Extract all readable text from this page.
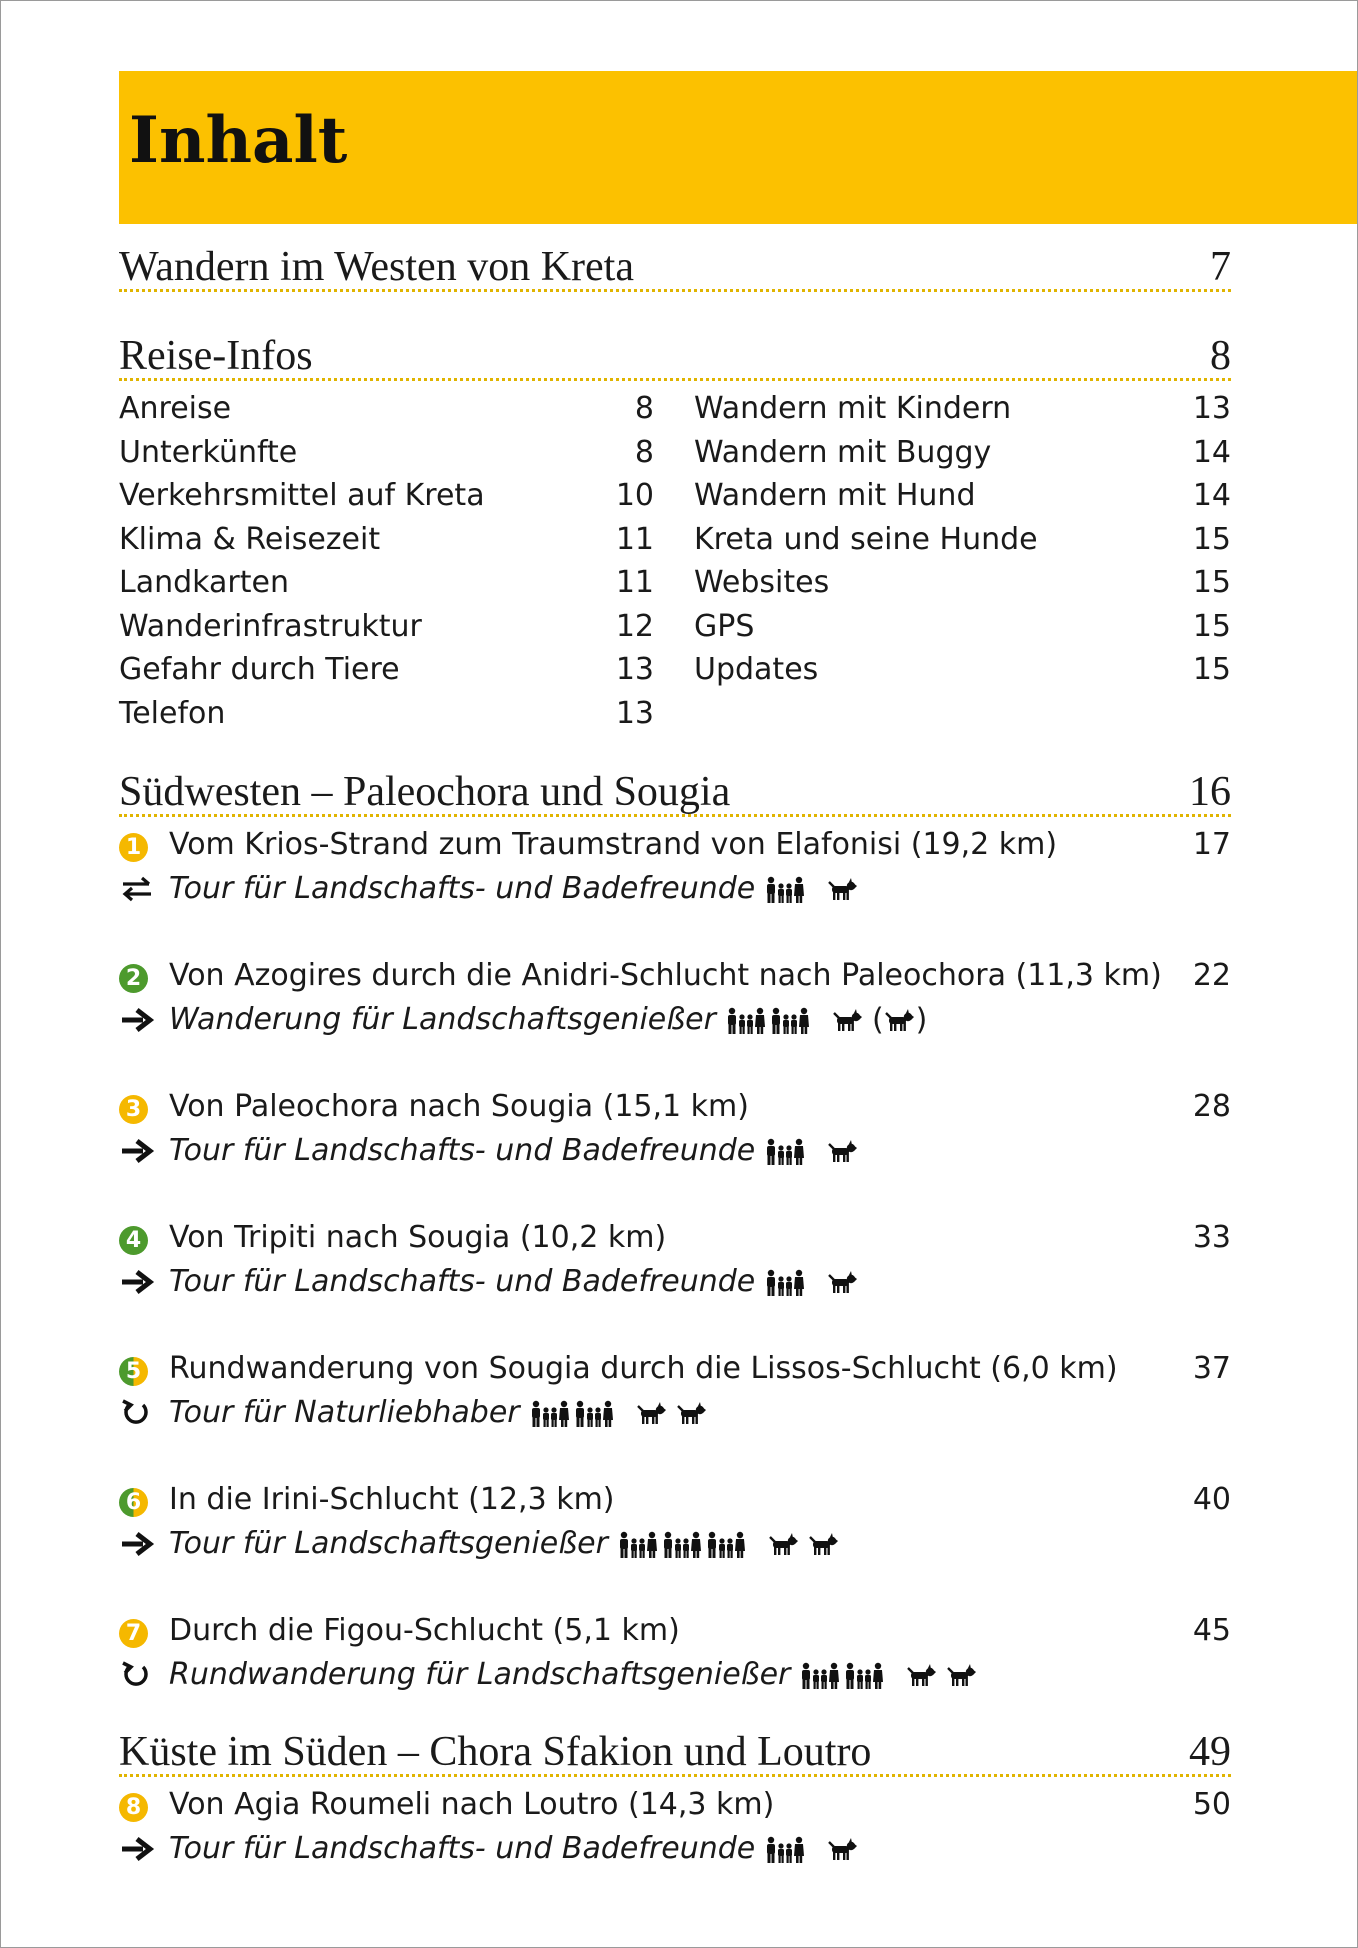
Inhalt
Wandern im Westen von Kreta	7
Reise-Infos	8
Anreise	8
Unterkünfte	8
Verkehrsmittel auf Kreta	10
Klima & Reisezeit	11
Landkarten	11
Wanderinfrastruktur	12
Gefahr durch Tiere	13
Telefon	13
Wandern mit Kindern	13
Wandern mit Buggy	14
Wandern mit Hund	14
Kreta und seine Hunde	15
Websites	15
GPS	15
Updates	15
Südwesten – Paleochora und Sougia	16
1 Vom Krios-Strand zum Traumstrand von Elafonisi (19,2 km)	17
Tour für Landschafts- und Badefreunde
2 Von Azogires durch die Anidri-Schlucht nach Paleochora (11,3 km) 22
Wanderung für Landschaftsgenießer	( )
3 Von Paleochora nach Sougia (15,1 km)	28
Tour für Landschafts- und Badefreunde
4 Von Tripiti nach Sougia (10,2 km)	33
Tour für Landschafts- und Badefreunde
5 Rundwanderung von Sougia durch die Lissos-Schlucht (6,0 km)	37
Tour für Naturliebhaber
6 In die Irini-Schlucht (12,3 km)	40
Tour für Landschaftsgenießer
7 Durch die Figou-Schlucht (5,1 km)	45
Rundwanderung für Landschaftsgenießer
Küste im Süden – Chora Sfakion und Loutro	49
8 Von Agia Roumeli nach Loutro (14,3 km)	50
Tour für Landschafts- und Badefreunde
